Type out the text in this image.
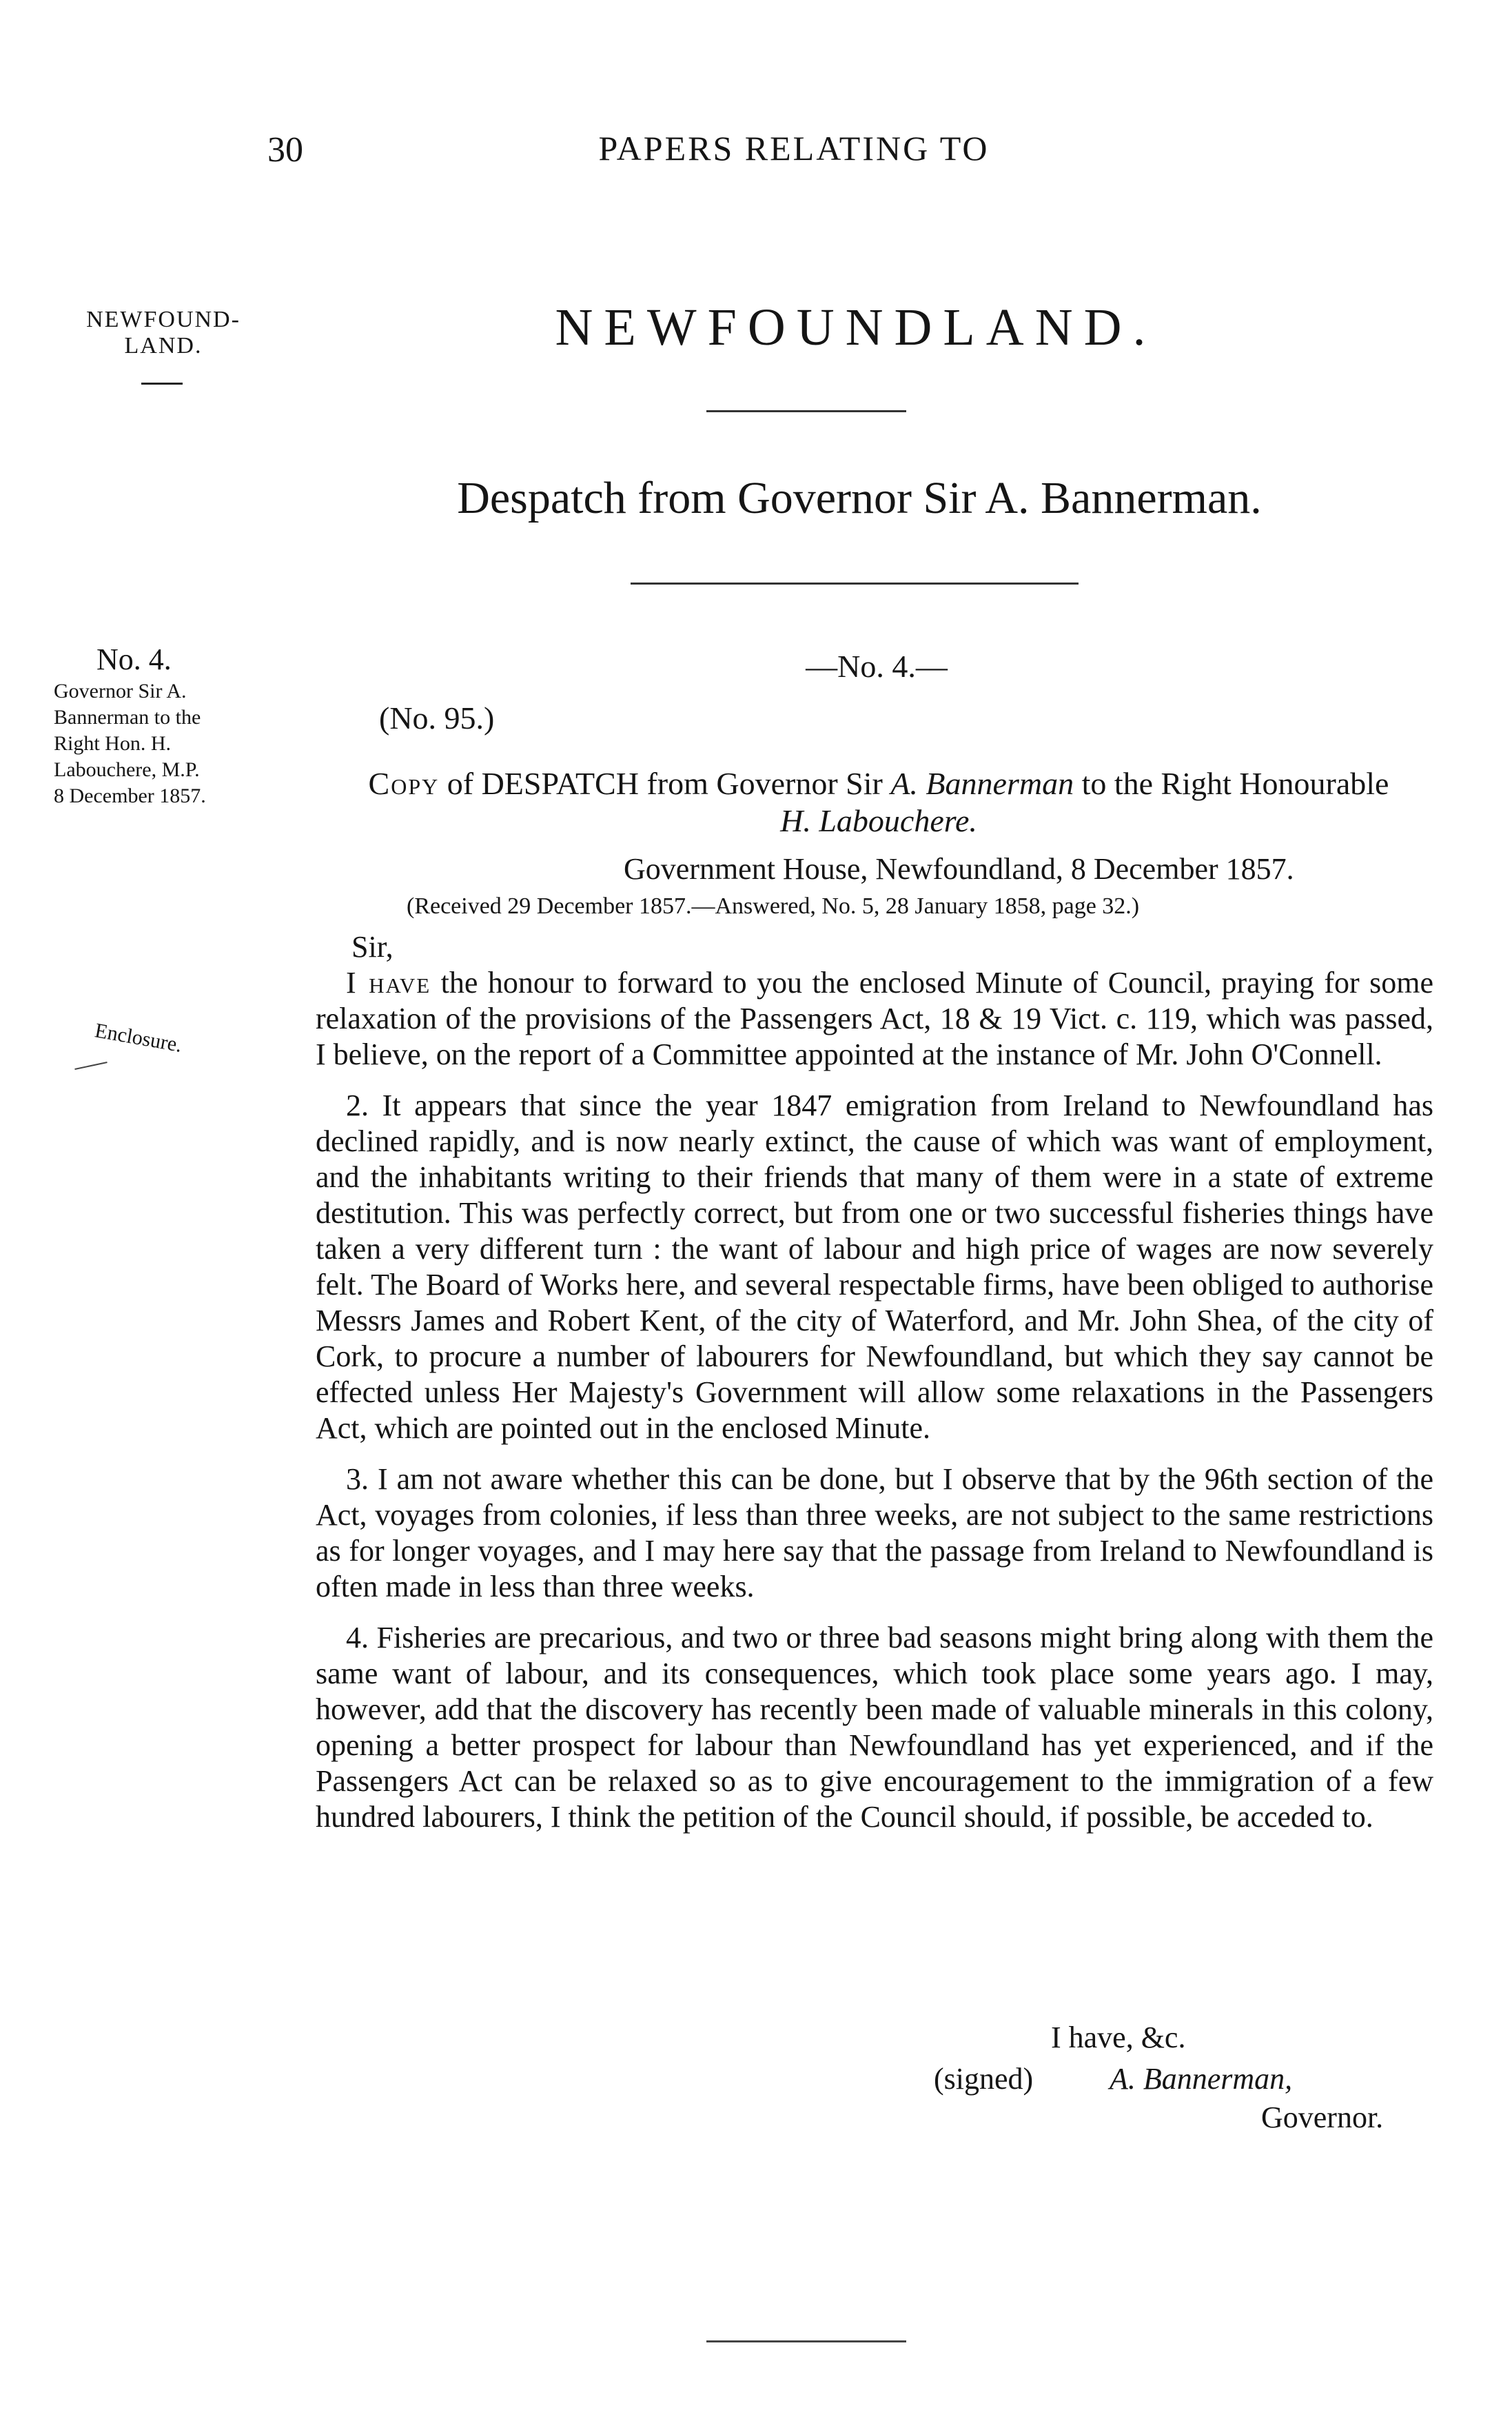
30	PAPERS RELATING TO
NEWFOUND-
LAND.	NEWFOUNDLAND.
Despatch from Governor Sir A. Bannerman.
No. 4.
Governor Sir A.
Bannerman to the
Right Hon. H.
Labouchere, M.P.
8 December 1857.
—No. 4.—
(No. 95.)
Copy of DESPATCH from Governor Sir A. Bannerman to the Right Honourable H. Labouchere.
Government House, Newfoundland, 8 December 1857.
(Received 29 December 1857.—Answered, No. 5, 28 January 1858, page 32.)
Sir,
Enclosure.

I have the honour to forward to you the enclosed Minute of Council, praying for some relaxation of the provisions of the Passengers Act, 18 & 19 Vict. c. 119, which was passed, I believe, on the report of a Committee appointed at the instance of Mr. John O'Connell.

2. It appears that since the year 1847 emigration from Ireland to Newfoundland has declined rapidly, and is now nearly extinct, the cause of which was want of employment, and the inhabitants writing to their friends that many of them were in a state of extreme destitution. This was perfectly correct, but from one or two successful fisheries things have taken a very different turn : the want of labour and high price of wages are now severely felt. The Board of Works here, and several respectable firms, have been obliged to authorise Messrs James and Robert Kent, of the city of Waterford, and Mr. John Shea, of the city of Cork, to procure a number of labourers for Newfoundland, but which they say cannot be effected unless Her Majesty's Government will allow some relaxations in the Passengers Act, which are pointed out in the enclosed Minute.

3. I am not aware whether this can be done, but I observe that by the 96th section of the Act, voyages from colonies, if less than three weeks, are not subject to the same restrictions as for longer voyages, and I may here say that the passage from Ireland to Newfoundland is often made in less than three weeks.

4. Fisheries are precarious, and two or three bad seasons might bring along with them the same want of labour, and its consequences, which took place some years ago. I may, however, add that the discovery has recently been made of valuable minerals in this colony, opening a better prospect for labour than Newfoundland has yet experienced, and if the Passengers Act can be relaxed so as to give encouragement to the immigration of a few hundred labourers, I think the petition of the Council should, if possible, be acceded to.

I have, &c.
(signed)	A. Bannerman,
Governor.
